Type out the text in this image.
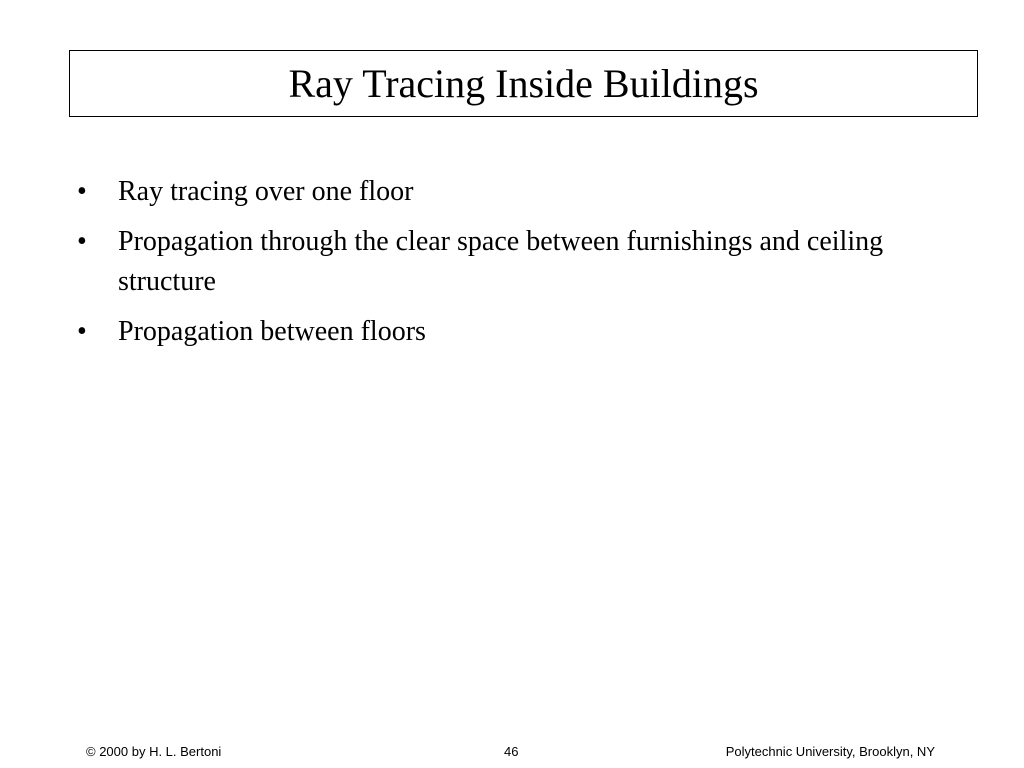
Ray Tracing Inside Buildings
• Ray tracing over one floor
• Propagation through the clear space between furnishings and ceiling structure
• Propagation between floors
© 2000 by H. L. Bertoni	46	Polytechnic University, Brooklyn, NY
